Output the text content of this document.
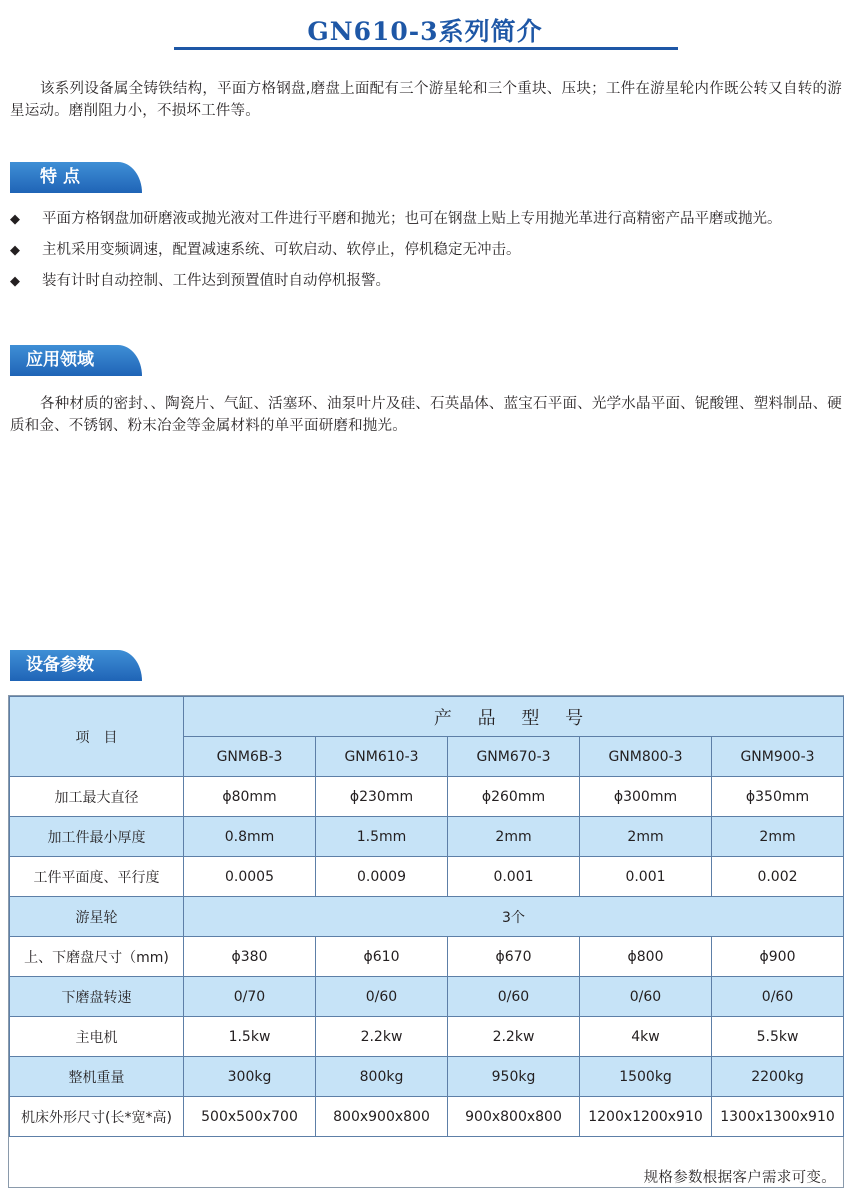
GN610-3系列简介
该系列设备属全铸铁结构，平面方格钢盘,磨盘上面配有三个游星轮和三个重块、压块；工件在游星轮内作既公转又自转的游星运动。磨削阻力小，不损坏工件等。
特 点
◆ 平面方格钢盘加研磨液或抛光液对工件进行平磨和抛光；也可在钢盘上贴上专用抛光革进行高精密产品平磨或抛光。
◆ 主机采用变频调速，配置减速系统、可软启动、软停止，停机稳定无冲击。
◆ 装有计时自动控制、工件达到预置值时自动停机报警。
应用领域
各种材质的密封、、陶瓷片、气缸、活塞环、油泵叶片及硅、石英晶体、蓝宝石平面、光学水晶平面、铌酸锂、塑料制品、硬质和金、不锈钢、粉末冶金等金属材料的单平面研磨和抛光。
设备参数
项　目	产 品 型 号				
	GNM6B-3	GNM610-3	GNM670-3	GNM800-3	GNM900-3
加工最大直径	ϕ80mm	ϕ230mm	ϕ260mm	ϕ300mm	ϕ350mm
加工件最小厚度	0.8mm	1.5mm	2mm	2mm	2mm
工件平面度、平行度	0.0005	0.0009	0.001	0.001	0.002
游星轮	3个				
上、下磨盘尺寸（mm)	ϕ380	ϕ610	ϕ670	ϕ800	ϕ900
下磨盘转速	0/70	0/60	0/60	0/60	0/60
主电机	1.5kw	2.2kw	2.2kw	4kw	5.5kw
整机重量	300kg	800kg	950kg	1500kg	2200kg
机床外形尺寸(长*宽*高)	500x500x700	800x900x800	900x800x800	1200x1200x910	1300x1300x910
规格参数根据客户需求可变。
